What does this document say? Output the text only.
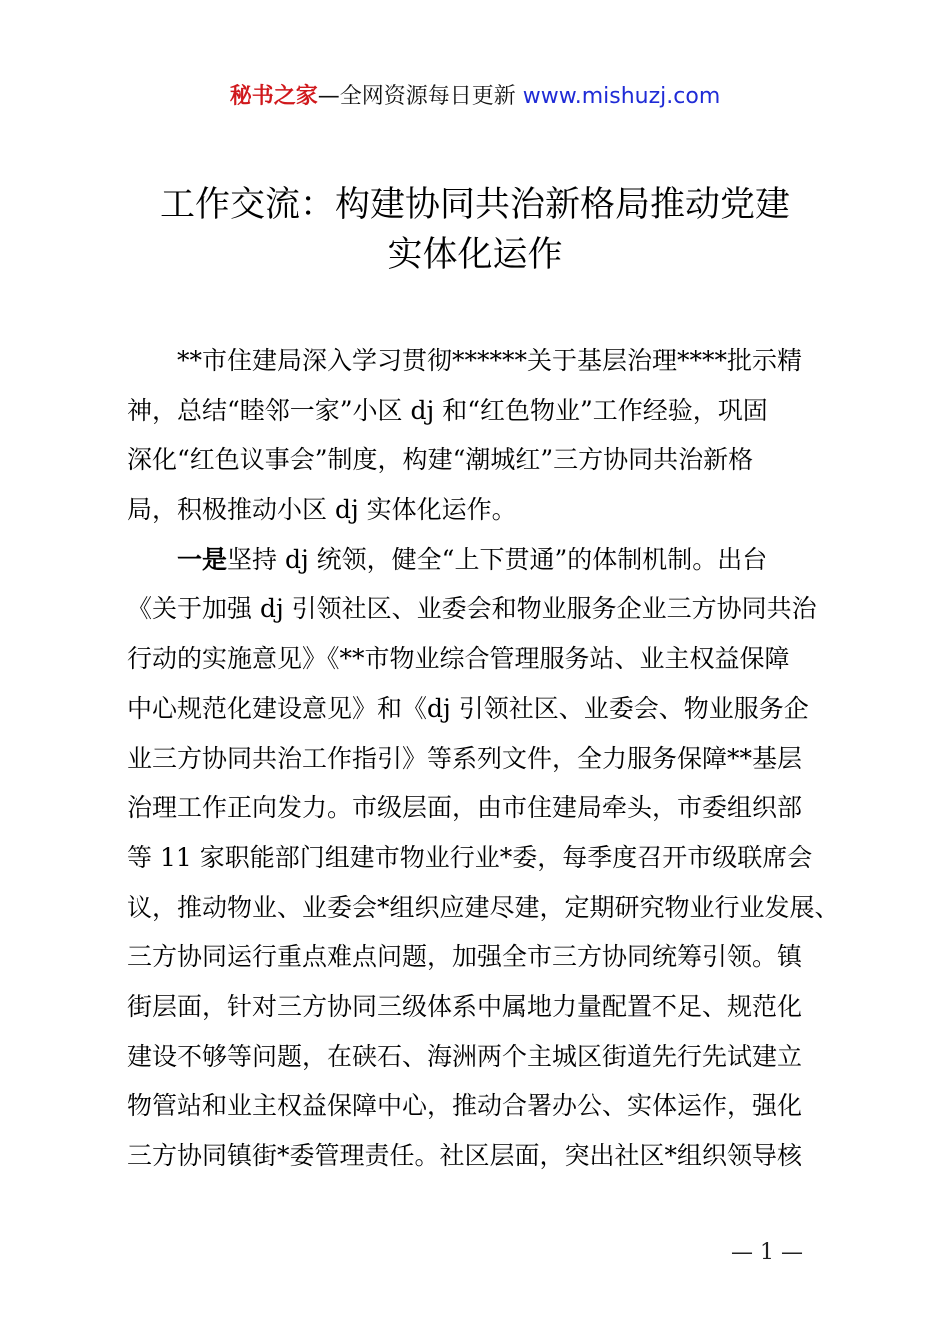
秘书之家—全网资源每日更新 www.mishuzj.com
工作交流：构建协同共治新格局推动党建
实体化运作
**市住建局深入学习贯彻******关于基层治理****批示精
神，总结“睦邻一家”小区 dj 和“红色物业”工作经验，巩固
深化“红色议事会”制度，构建“潮城红”三方协同共治新格
局，积极推动小区 dj 实体化运作。
一是坚持 dj 统领，健全“上下贯通”的体制机制。出台
《关于加强 dj 引领社区、业委会和物业服务企业三方协同共治
行动的实施意见》《**市物业综合管理服务站、业主权益保障
中心规范化建设意见》和《dj 引领社区、业委会、物业服务企
业三方协同共治工作指引》等系列文件，全力服务保障**基层
治理工作正向发力。市级层面，由市住建局牵头，市委组织部
等 11 家职能部门组建市物业行业*委，每季度召开市级联席会
议，推动物业、业委会*组织应建尽建，定期研究物业行业发展、
三方协同运行重点难点问题，加强全市三方协同统筹引领。镇
街层面，针对三方协同三级体系中属地力量配置不足、规范化
建设不够等问题，在硖石、海洲两个主城区街道先行先试建立
物管站和业主权益保障中心，推动合署办公、实体运作，强化
三方协同镇街*委管理责任。社区层面，突出社区*组织领导核
— 1 —
